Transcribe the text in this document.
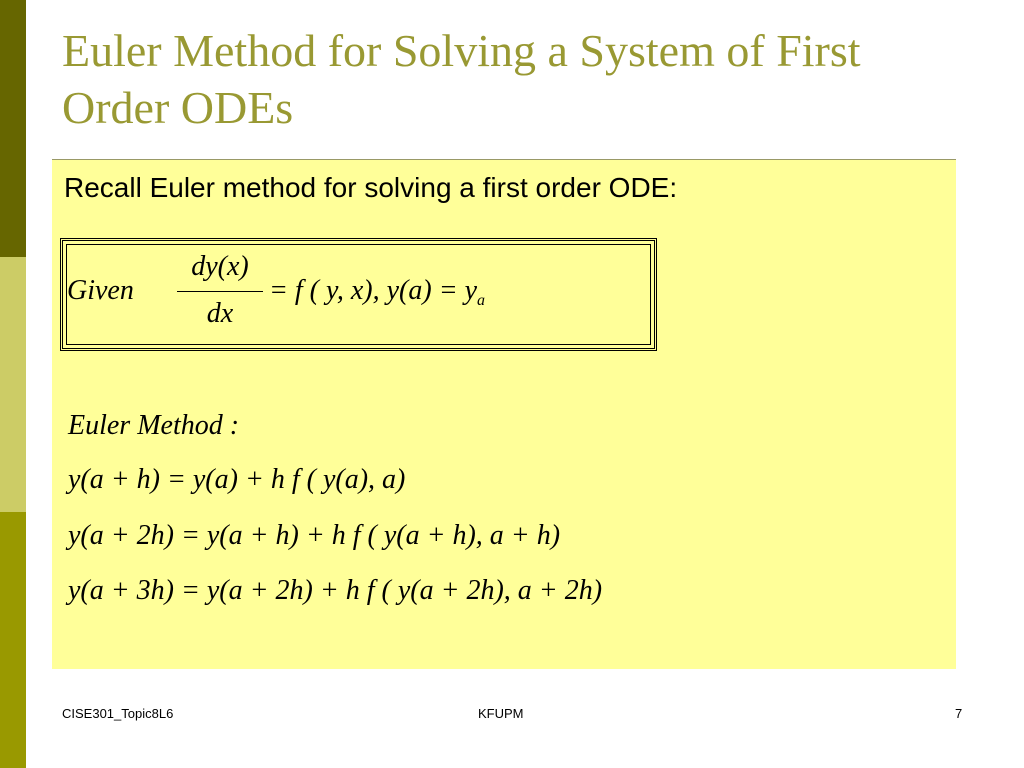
Euler Method for Solving a System of First Order ODEs
Recall Euler method for solving a first order ODE:
Given
dy(x)
dx
= f ( y, x), $y(a) = y_a$
Euler Method :
y(a + h) = y(a) + h f ( y(a), a)
y(a + 2h) = y(a + h) + h f ( y(a + h), a + h)
y(a + 3h) = y(a + 2h) + h f ( y(a + 2h), a + 2h)
CISE301_Topic8L6	KFUPM	7
